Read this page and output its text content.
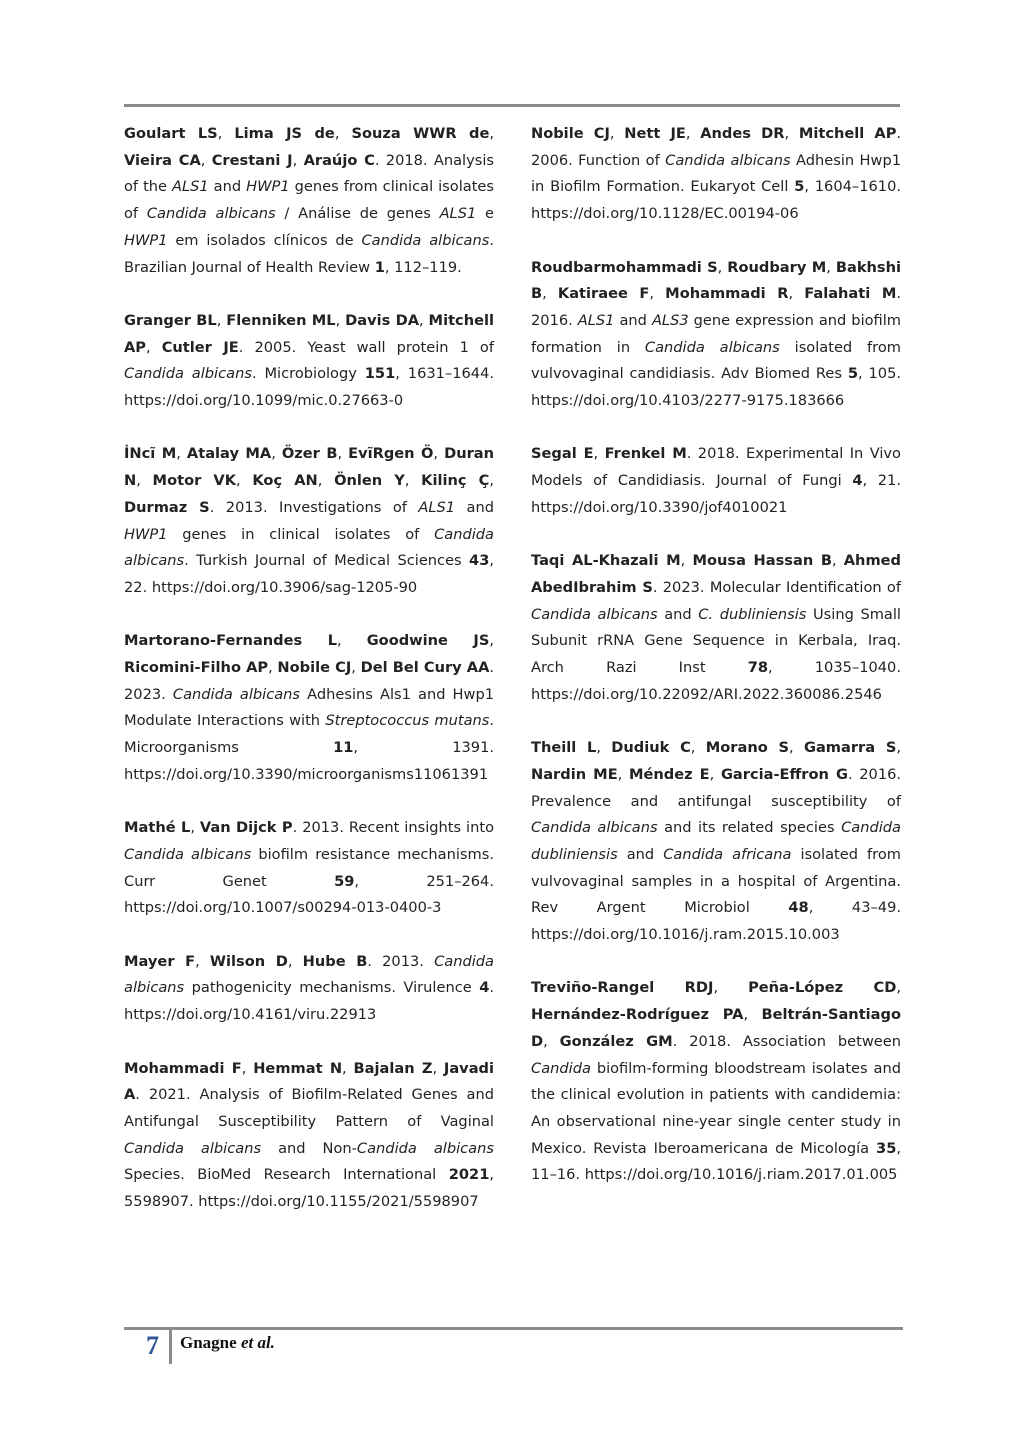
Goulart LS, Lima JS de, Souza WWR de, Vieira CA, Crestani J, Araújo C. 2018. Analysis of the ALS1 and HWP1 genes from clinical isolates of Candida albicans / Análise de genes ALS1 e HWP1 em isolados clínicos de Candida albicans. Brazilian Journal of Health Review 1, 112–119.

Granger BL, Flenniken ML, Davis DA, Mitchell AP, Cutler JE. 2005. Yeast wall protein 1 of Candida albicans. Microbiology 151, 1631–1644. https://doi.org/10.1099/mic.0.27663-0

İNcĩ M, Atalay MA, Özer B, EvĩRgen Ö, Duran N, Motor VK, Koç AN, Önlen Y, Kilinç Ç, Durmaz S. 2013. Investigations of ALS1 and HWP1 genes in clinical isolates of Candida albicans. Turkish Journal of Medical Sciences 43, 22. https://doi.org/10.3906/sag-1205-90

Martorano-Fernandes L, Goodwine JS, Ricomini-Filho AP, Nobile CJ, Del Bel Cury AA. 2023. Candida albicans Adhesins Als1 and Hwp1 Modulate Interactions with Streptococcus mutans. Microorganisms 11, 1391. https://doi.org/10.3390/microorganisms11061391

Mathé L, Van Dijck P. 2013. Recent insights into Candida albicans biofilm resistance mechanisms. Curr Genet 59, 251–264. https://doi.org/10.1007/s00294-013-0400-3

Mayer F, Wilson D, Hube B. 2013. Candida albicans pathogenicity mechanisms. Virulence 4. https://doi.org/10.4161/viru.22913

Mohammadi F, Hemmat N, Bajalan Z, Javadi A. 2021. Analysis of Biofilm-Related Genes and Antifungal Susceptibility Pattern of Vaginal Candida albicans and Non-Candida albicans Species. BioMed Research International 2021, 5598907. https://doi.org/10.1155/2021/5598907

Nobile CJ, Nett JE, Andes DR, Mitchell AP. 2006. Function of Candida albicans Adhesin Hwp1 in Biofilm Formation. Eukaryot Cell 5, 1604–1610. https://doi.org/10.1128/EC.00194-06

Roudbarmohammadi S, Roudbary M, Bakhshi B, Katiraee F, Mohammadi R, Falahati M. 2016. ALS1 and ALS3 gene expression and biofilm formation in Candida albicans isolated from vulvovaginal candidiasis. Adv Biomed Res 5, 105. https://doi.org/10.4103/2277-9175.183666

Segal E, Frenkel M. 2018. Experimental In Vivo Models of Candidiasis. Journal of Fungi 4, 21. https://doi.org/10.3390/jof4010021

Taqi AL-Khazali M, Mousa Hassan B, Ahmed AbedIbrahim S. 2023. Molecular Identification of Candida albicans and C. dubliniensis Using Small Subunit rRNA Gene Sequence in Kerbala, Iraq. Arch Razi Inst 78, 1035–1040. https://doi.org/10.22092/ARI.2022.360086.2546

Theill L, Dudiuk C, Morano S, Gamarra S, Nardin ME, Méndez E, Garcia-Effron G. 2016. Prevalence and antifungal susceptibility of Candida albicans and its related species Candida dubliniensis and Candida africana isolated from vulvovaginal samples in a hospital of Argentina. Rev Argent Microbiol 48, 43–49. https://doi.org/10.1016/j.ram.2015.10.003

Treviño-Rangel RDJ, Peña-López CD, Hernández-Rodríguez PA, Beltrán-Santiago D, González GM. 2018. Association between Candida biofilm-forming bloodstream isolates and the clinical evolution in patients with candidemia: An observational nine-year single center study in Mexico. Revista Iberoamericana de Micología 35, 11–16. https://doi.org/10.1016/j.riam.2017.01.005

7 Gnagne et al.
